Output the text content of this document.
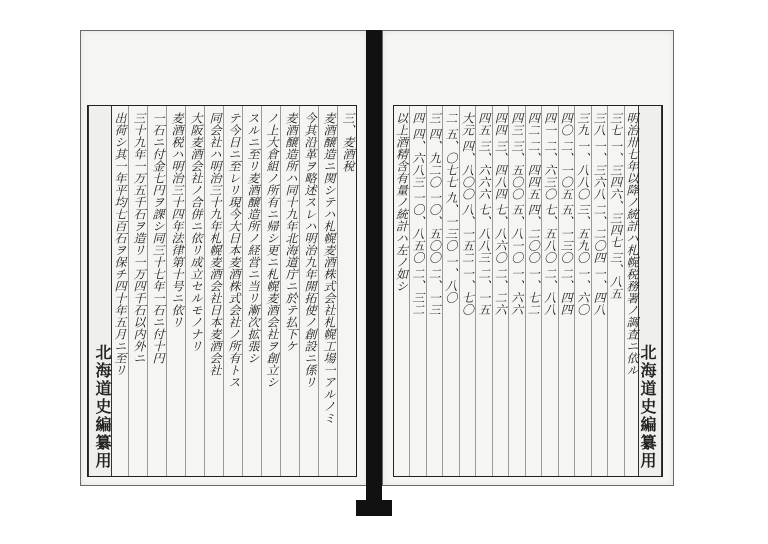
北海道史編纂用
三、麦酒稅
麦酒醸造ニ関シテハ札幌麦酒株式会社札幌工場一アルノミ
今其沿革ヲ略述スレハ明治九年開拓使ノ創設ニ係リ
麦酒醸造所ハ同十九年北海道庁ニ於テ払下ケ
ノ上大倉組ノ所有ニ帰シ更ニ札幌麦酒会社ヲ創立シ
スルニ至リ麦酒醸造所ノ経営ニ当リ漸次拡張シ
テ今日ニ至レリ現今大日本麦酒株式会社ノ所有トス
同会社ハ明治三十九年札幌麦酒会社日本麦酒会社
大阪麦酒会社ノ合併ニ依リ成立セルモノナリ
麦酒税ハ明治三十四年法律第十号ニ依リ
一石ニ付金七円ヲ課シ同三十七年一石ニ付十円
三十九年一万五千石ヲ造リ一万四千石以内外ニ
出荷シ其一年平均七百石ヲ保チ四十年五月ニ至リ
北海道史編纂用
明治卅七年以降ノ統計ハ札幌税務署ノ調査ニ依ル
三七 一、三四六、三四七 三、八五
三八 一、三六八 二、二〇四 一、四八
三九 一、八八〇 三、五九〇 一、六〇
四〇 二、一〇五 五、一三〇 二、四四
四一 二、六三〇 七、五八〇 二、八八
四二 二、四四五 四、二〇〇 一、七二
四三 三、五〇〇 五、八一〇 一、六六
四四 三、四八四 七、八六〇 二、二六
四五 三、六六六 七、八八三 二、一五
大元 四、八〇〇 八、一五二 一、七〇
二 五、〇七七 九、一三〇 一、八〇
三 四、九二〇 一〇、五〇〇 二、一三
四 四、六八三 一〇、八五〇 二、三二
以上酒精含有量ノ統計ハ左ノ如シ
